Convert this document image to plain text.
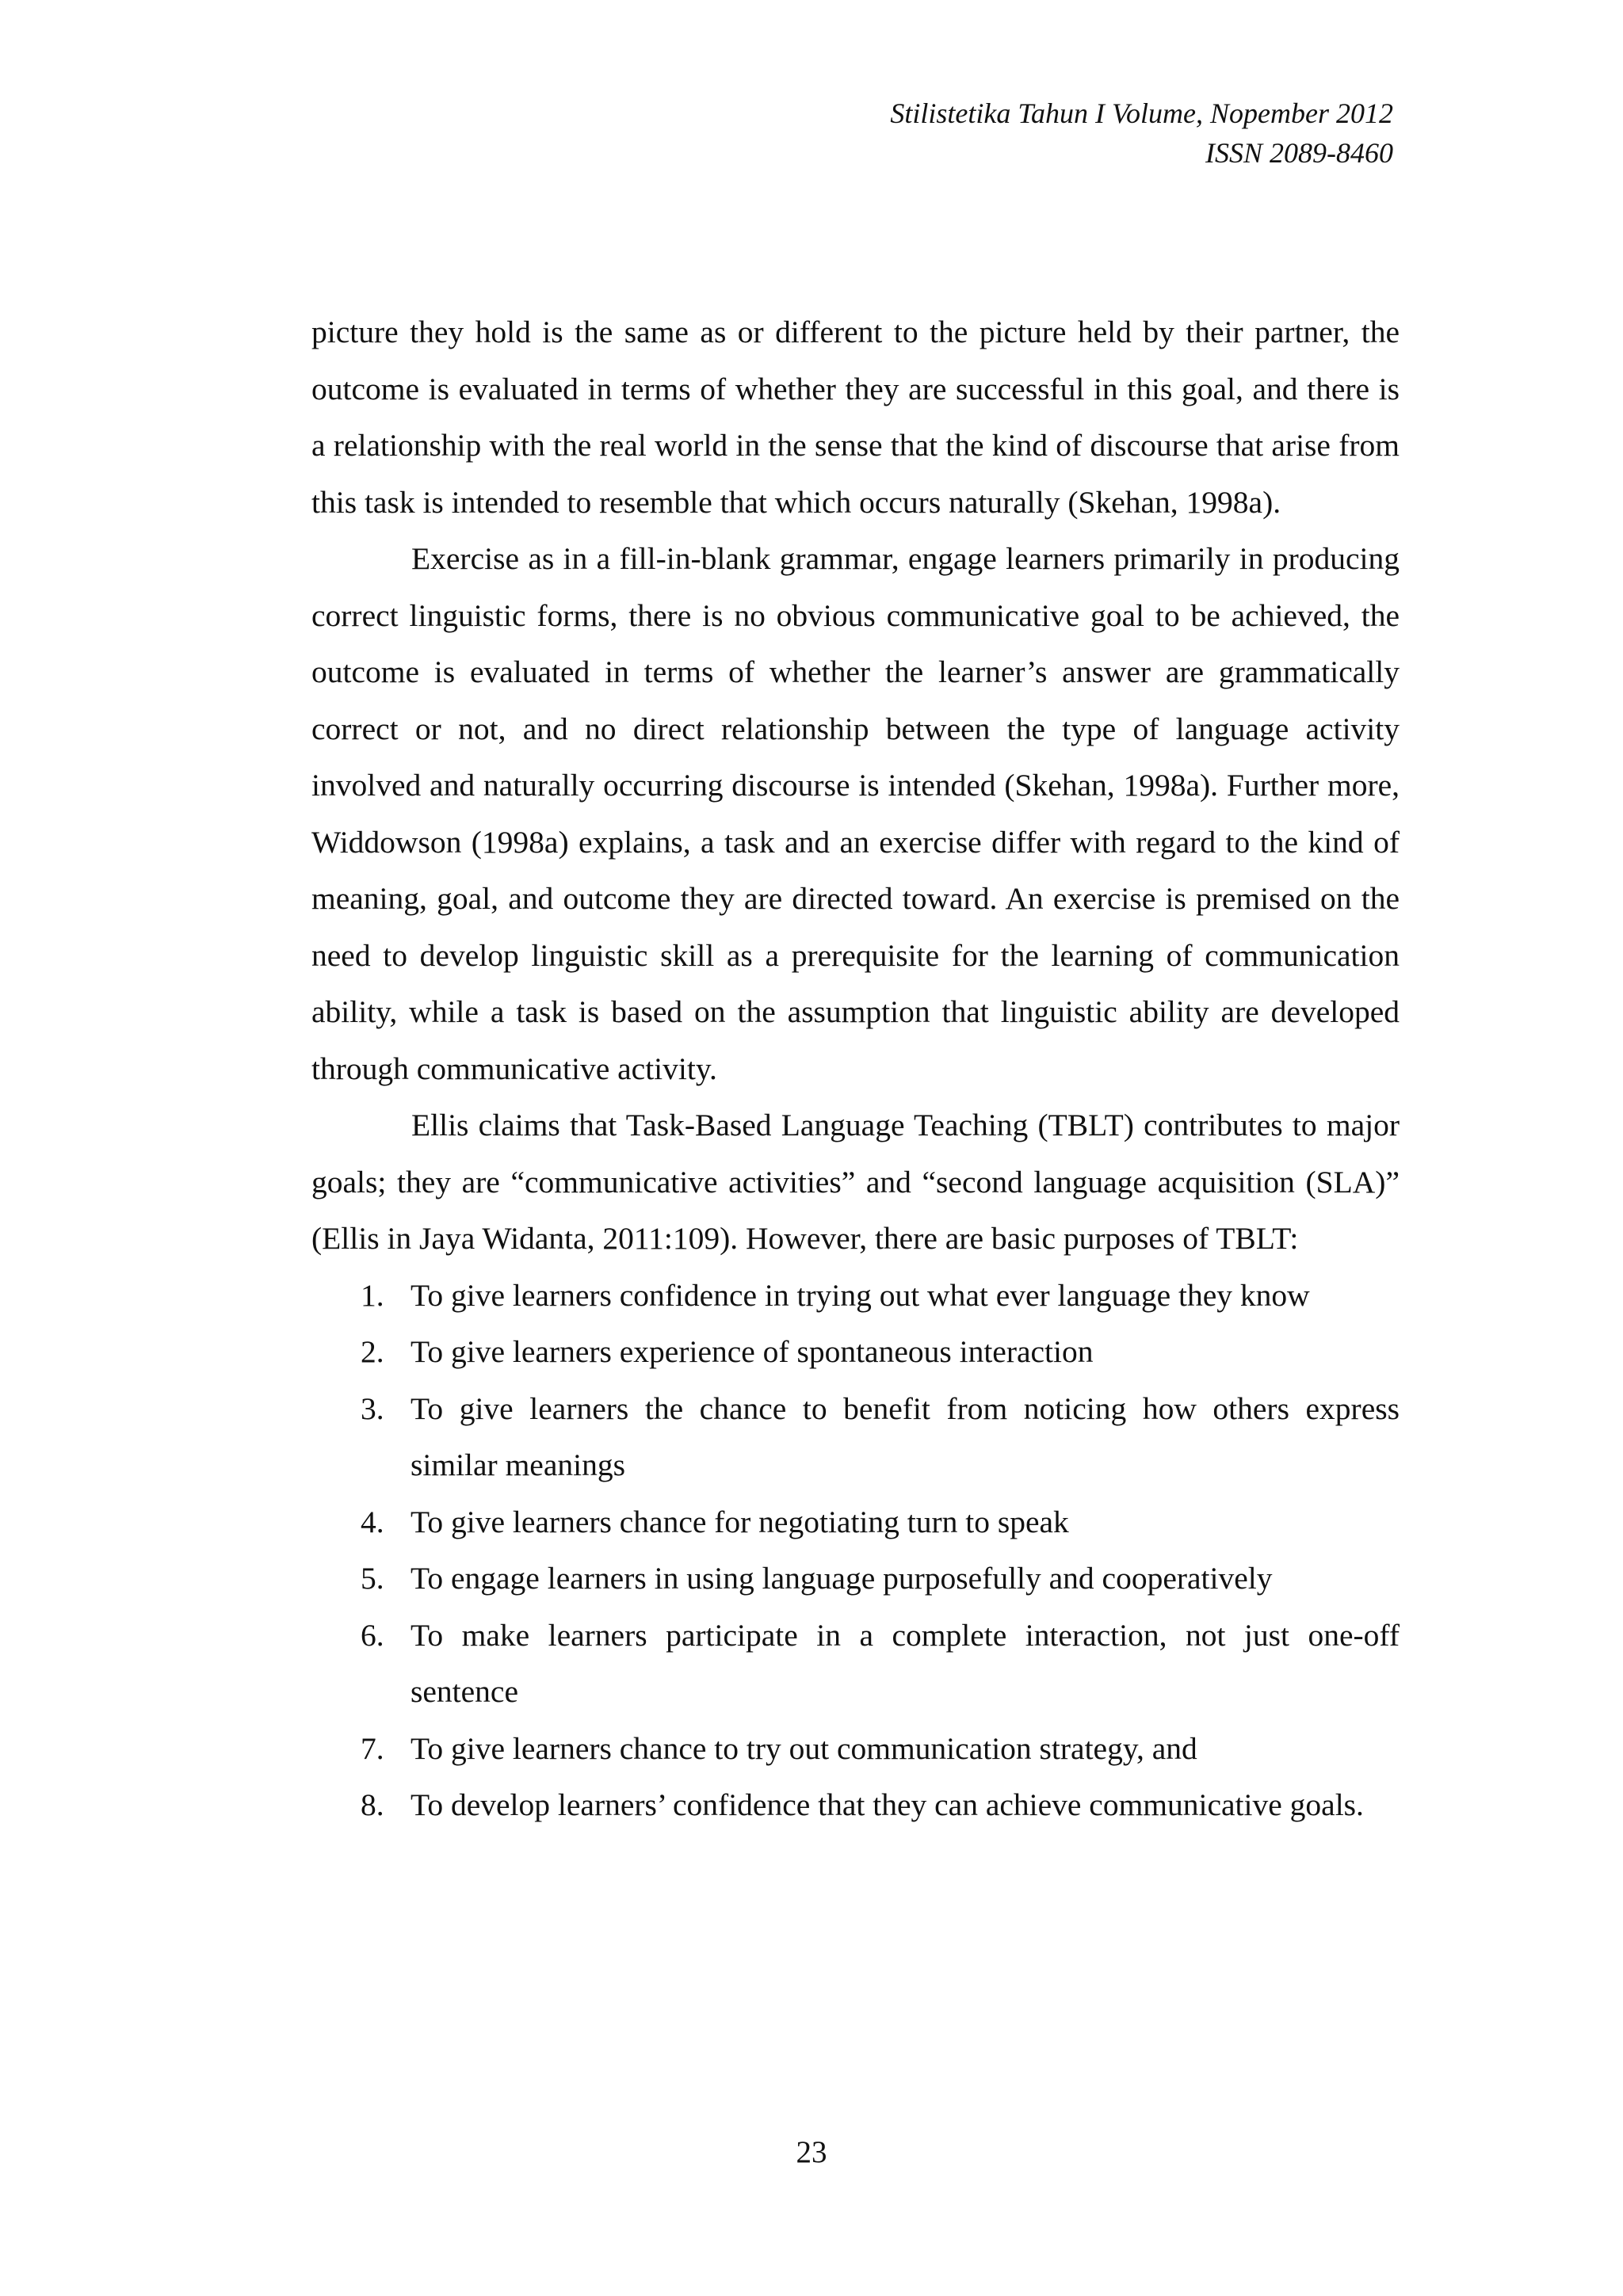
Stilistetika Tahun I Volume, Nopember 2012
ISSN 2089-8460

picture they hold is the same as or different to the picture held by their partner, the outcome is evaluated in terms of whether they are successful in this goal, and there is a relationship with the real world in the sense that the kind of discourse that arise from this task is intended to resemble that which occurs naturally (Skehan, 1998a).

Exercise as in a fill-in-blank grammar, engage learners primarily in producing correct linguistic forms, there is no obvious communicative goal to be achieved, the outcome is evaluated in terms of whether the learner’s answer are grammatically correct or not, and no direct relationship between the type of language activity involved and naturally occurring discourse is intended (Skehan, 1998a). Further more, Widdowson (1998a) explains, a task and an exercise differ with regard to the kind of meaning, goal, and outcome they are directed toward. An exercise is premised on the need to develop linguistic skill as a prerequisite for the learning of communication ability, while a task is based on the assumption that linguistic ability are developed through communicative activity.

Ellis claims that Task-Based Language Teaching (TBLT) contributes to major goals; they are “communicative activities” and “second language acquisition (SLA)” (Ellis in Jaya Widanta, 2011:109). However, there are basic purposes of TBLT:

1. To give learners confidence in trying out what ever language they know
2. To give learners experience of spontaneous interaction
3. To give learners the chance to benefit from noticing how others express similar meanings
4. To give learners chance for negotiating turn to speak
5. To engage learners in using language purposefully and cooperatively
6. To make learners participate in a complete interaction, not just one-off sentence
7. To give learners chance to try out communication strategy, and
8. To develop learners’ confidence that they can achieve communicative goals.
23
